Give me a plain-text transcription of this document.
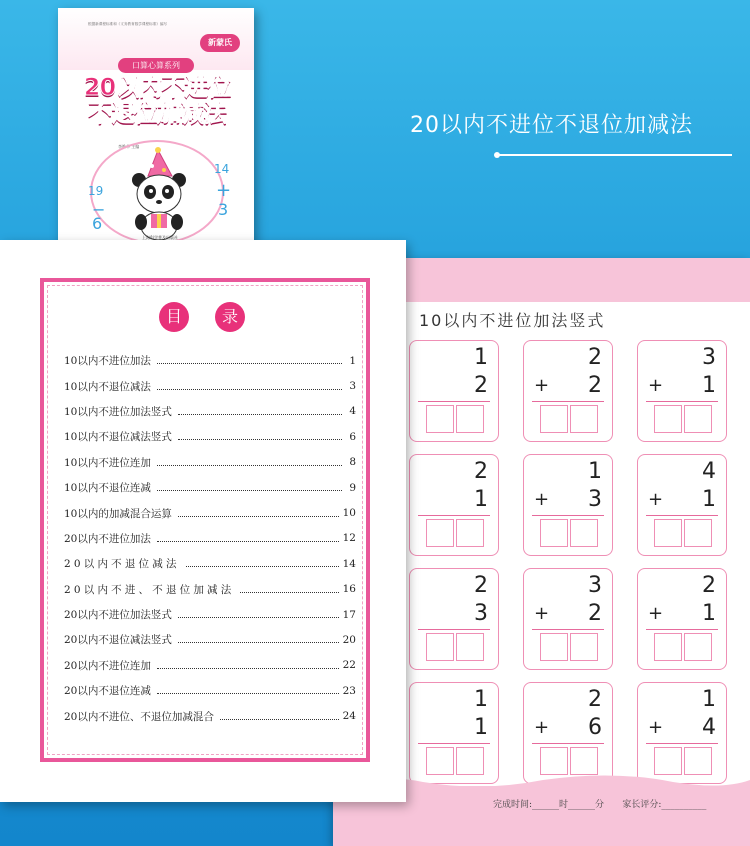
根据新课程标准和《义务教育数学课程标准》编写
新蒙氏
口算心算系列
20以内不进位
不退位加减法
李维华 主编
19
−
6
14
+
3
上海科学普及出版社
20以内不进位不退位加减法
10以内不进位加法竖式
1
2
2
+ 2
3
+ 1
2
1
1
+ 3
4
+ 1
2
3
3
+ 2
2
+ 1
1
1
2
+ 6
1
+ 4
完成时间:______时______分 家长评分:__________
目	录
10以内不进位加法	1
10以内不退位减法	3
10以内不进位加法竖式	4
10以内不退位减法竖式	6
10以内不进位连加	8
10以内不退位连减	9
10以内的加减混合运算	10
20以内不进位加法	12
20以内不退位减法	14
20以内不进、不退位加减法	16
20以内不进位加法竖式	17
20以内不退位减法竖式	20
20以内不进位连加	22
20以内不退位连减	23
20以内不进位、不退位加减混合	24
